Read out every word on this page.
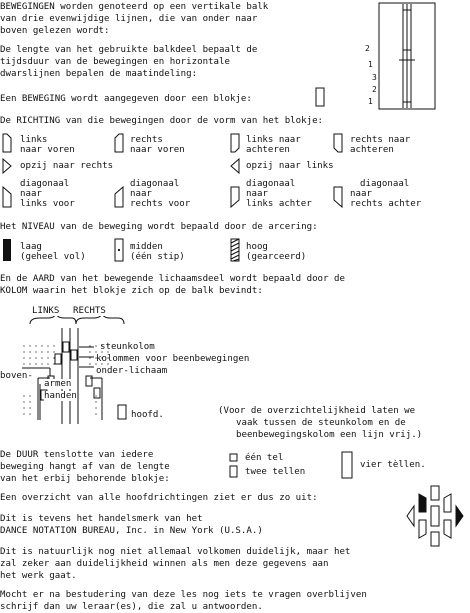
BEWEGINGEN worden genoteerd op een vertikale balk
van drie evenwijdige lijnen, die van onder naar
boven gelezen wordt:
De lengte van het gebruikte balkdeel bepaalt de
tijdsduur van de bewegingen en horizontale
dwarslijnen bepalen de maatindeling:
2
1
3
2
1
Een BEWEGING wordt aangegeven door een blokje:
De RICHTING van die bewegingen door de vorm van het blokje:
links
naar voren
rechts
naar voren
links naar
achteren
rechts naar
achteren
opzij naar rechts	opzij naar links
diagonaal
naar
links voor
diagonaal
naar
rechts voor
diagonaal
naar
links achter
diagonaal
naar
rechts achter
Het NIVEAU van de beweging wordt bepaald door de arcering:
laag
(geheel vol)
midden
(één stip)
hoog
(gearceerd)
En de AARD van het bewegende lichaamsdeel wordt bepaald door de
KOLOM waarin het blokje zich op de balk bevindt:
LINKS RECHTS
steunkolom
kolommen voor beenbewegingen
onder-lichaam
boven-
armen
handen
hoofd.	(Voor de overzichtelijkheid laten we
vaak tussen de steunkolom en de
beenbewegingskolom een lijn vrij.)
De DUUR tenslotte van iedere
beweging hangt af van de lengte
van het erbij behorende blokje:
één tel
twee tellen
vier tèllen.
Een overzicht van alle hoofdrichtingen ziet er dus zo uit:
Dit is tevens het handelsmerk van het
DANCE NOTATION BUREAU, Inc. in New York (U.S.A.)
Dit is natuurlijk nog niet allemaal volkomen duidelijk, maar het
zal zeker aan duidelijkheid winnen als men deze gegevens aan
het werk gaat.
Mocht er na bestudering van deze les nog iets te vragen overblijven
schrijf dan uw leraar(es), die zal u antwoorden.
